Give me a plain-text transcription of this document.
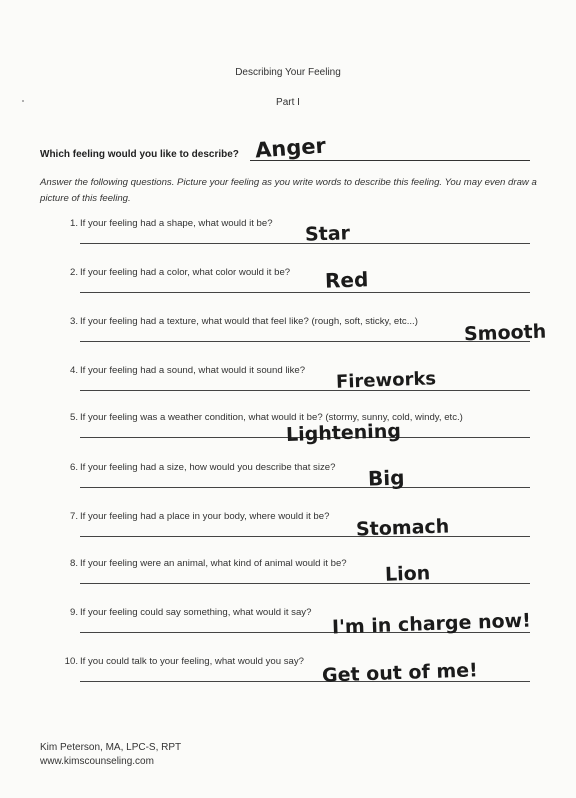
Describing Your Feeling
Part I
Which feeling would you like to describe? Anger
Answer the following questions. Picture your feeling as you write words to describe this feeling. You may even draw a picture of this feeling.
1. If your feeling had a shape, what would it be? Star
2. If your feeling had a color, what color would it be? Red
3. If your feeling had a texture, what would that feel like? (rough, soft, sticky, etc...) Smooth
4. If your feeling had a sound, what would it sound like? Fireworks
5. If your feeling was a weather condition, what would it be? (stormy, sunny, cold, windy, etc.)
Lightening
6. If your feeling had a size, how would you describe that size? Big
7. If your feeling had a place in your body, where would it be? Stomach
8. If your feeling were an animal, what kind of animal would it be? Lion
9. If your feeling could say something, what would it say? I'm in charge now!
10. If you could talk to your feeling, what would you say? Get out of me!
Kim Peterson, MA, LPC-S, RPT
www.kimscounseling.com
